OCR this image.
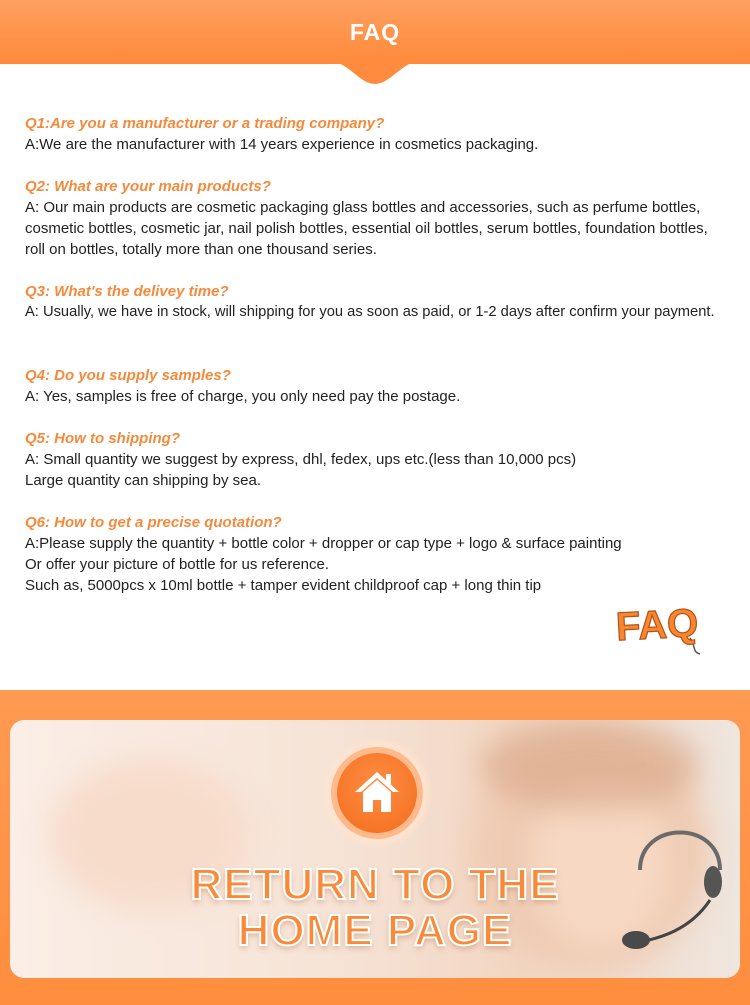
FAQ
Q1:Are you a manufacturer or a trading company?
A:We are the manufacturer with 14 years experience in cosmetics packaging.
Q2: What are your main products?
A: Our main products are cosmetic packaging glass bottles and accessories, such as perfume bottles,
cosmetic bottles, cosmetic jar, nail polish bottles, essential oil bottles, serum bottles, foundation bottles,
roll on bottles, totally more than one thousand series.
Q3: What's the delivey time?
A: Usually, we have in stock, will shipping for you as soon as paid, or 1-2 days after confirm your payment.
Q4: Do you supply samples?
A: Yes, samples is free of charge, you only need pay the postage.
Q5: How to shipping?
A: Small quantity we suggest by express, dhl, fedex, ups etc.(less than 10,000 pcs)
Large quantity can shipping by sea.
Q6: How to get a precise quotation?
A:Please supply the quantity + bottle color + dropper or cap type + logo & surface painting
Or offer your picture of bottle for us reference.
Such as, 5000pcs x 10ml bottle + tamper evident childproof cap + long thin tip
FAQ
RETURN TO THE
HOME PAGE
